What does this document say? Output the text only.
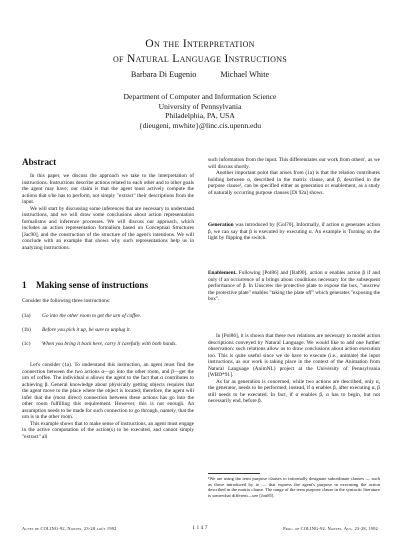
On the Interpretation
of Natural Language Instructions
Barbara Di Eugenio	Michael White
Department of Computer and Information Science
University of Pennsylvania
Philadelphia, PA, USA
{dieugeni, mwhite}@linc.cis.upenn.edu
Abstract

In this paper, we discuss the approach we take to the interpretation of instructions. Instructions describe actions related to each other and to other goals the agent may have; our claim is that the agent must actively compute the actions that s/he has to perform, not simply "extract" their descriptions from the input.

We will start by discussing some inferences that are necessary to understand instructions, and we will draw some conclusions about action representation formalisms and inference processes. We will discuss our approach, which includes an action representation formalism based on Conceptual Structures [Jac90], and the construction of the structure of the agent's intentions. We will conclude with an example that shows why such representations help us in analyzing instructions.

1 Making sense of instructions
Consider the following three instructions:
(1a) Go into the other room to get the urn of coffee.
(1b) Before you pick it up, be sure to unplug it.
(1c) When you bring it back here, carry it carefully with both hands.

Let's consider (1a). To understand this instruction, an agent must find the connection between the two actions α—go into the other room, and β—get the urn of coffee. The individual α allows the agent to the fact that α contributes to achieving β. General knowledge about physically getting objects requires that the agent move to the place where the object is located; therefore, the agent will infer that the (most direct) connection between these actions has go into the other room fulfilling this requirement. However, this is not enough. An assumption needs to be made for such connection to go through, namely, that the urn is in the other room.

This example shows that to make sense of instructions, an agent must engage in the active computation of the action(s) to be executed, and cannot simply "extract" all

such information from the input. This differentiates our work from others', as we will discuss shortly.

Another important point that arises from (1a) is that the relation contributes holding between α, described in the matrix clause, and β, described in the purpose clause¹, can be specified either as generation or enablement, as a study of naturally occurring purpose clauses [Di 92a] shows.

Generation was introduced by [Gol70]. Informally, if action α generates action β, we can say that β is executed by executing α. An example is Turning on the light by flipping the switch.
Enablement. Following [Pol86] and [Bal90], action α enables action β if and only if an occurrence of α brings about conditions necessary for the subsequent performance of β. In Unscrew the protective plate to expose the box, "unscrew the protective plate" enables "taking the plate off" which generates "exposing the box".

In [Pol86], it is shown that these two relations are necessary to model action descriptions conveyed by Natural Language. We would like to add one further observation: such relations allow us to draw conclusions about action execution too. This is quite useful since we do have to execute (i.e., animate) the input instructions, as our work is taking place in the context of the Animation from Natural Language (AnimNL) project at the University of Pennsylvania [WBD*91].

As far as generation is concerned, while two actions are described, only α, the generator, needs to be performed; instead, if α enables β, after executing α, β still needs to be executed. In fact, if α enables β, α has to begin, but not necessarily end, before β.

¹We are using the term purpose clauses to informally designate subordinate clauses — such as those introduced by to — that express the agent's purpose in executing the action described in the matrix clause. The range of the term purpose clause in the syntactic literature is somewhat different—see [Jon85].
Actes de COLING-92, Nantes, 23-28 août 1992	1 1 4 7	Proc. of COLING-92, Nantes, Aug. 23-28, 1992
